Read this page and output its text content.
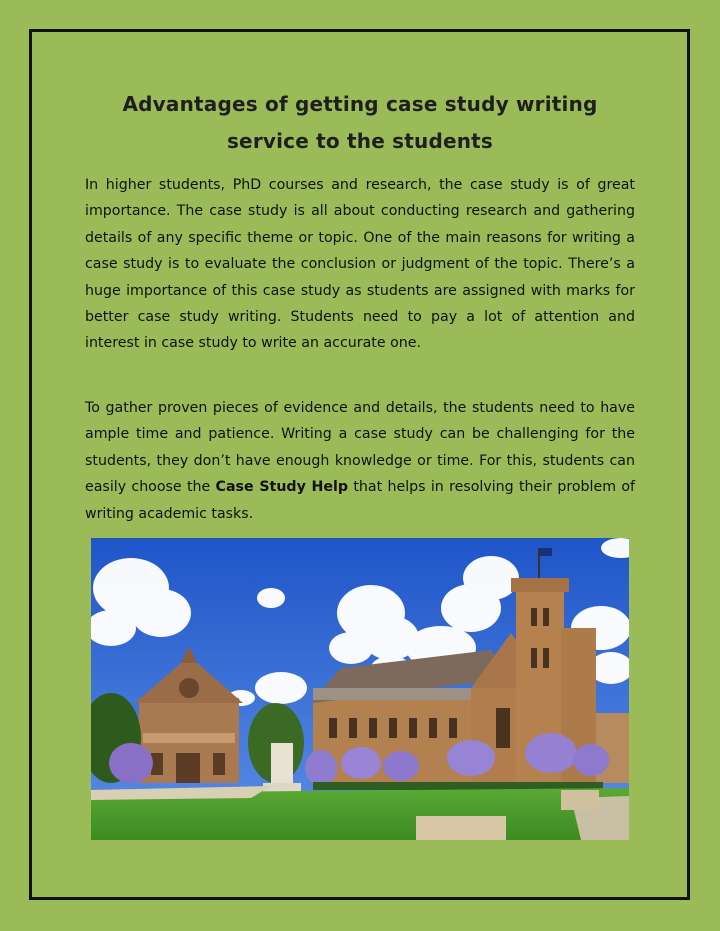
Advantages of getting case study writing
service to the students

In higher students, PhD courses and research, the case study is of great importance. The case study is all about conducting research and gathering details of any specific theme or topic. One of the main reasons for writing a case study is to evaluate the conclusion or judgment of the topic. There’s a huge importance of this case study as students are assigned with marks for better case study writing. Students need to pay a lot of attention and interest in case study to write an accurate one.

To gather proven pieces of evidence and details, the students need to have ample time and patience. Writing a case study can be challenging for the students, they don’t have enough knowledge or time. For this, students can easily choose the Case Study Help that helps in resolving their problem of writing academic tasks.
